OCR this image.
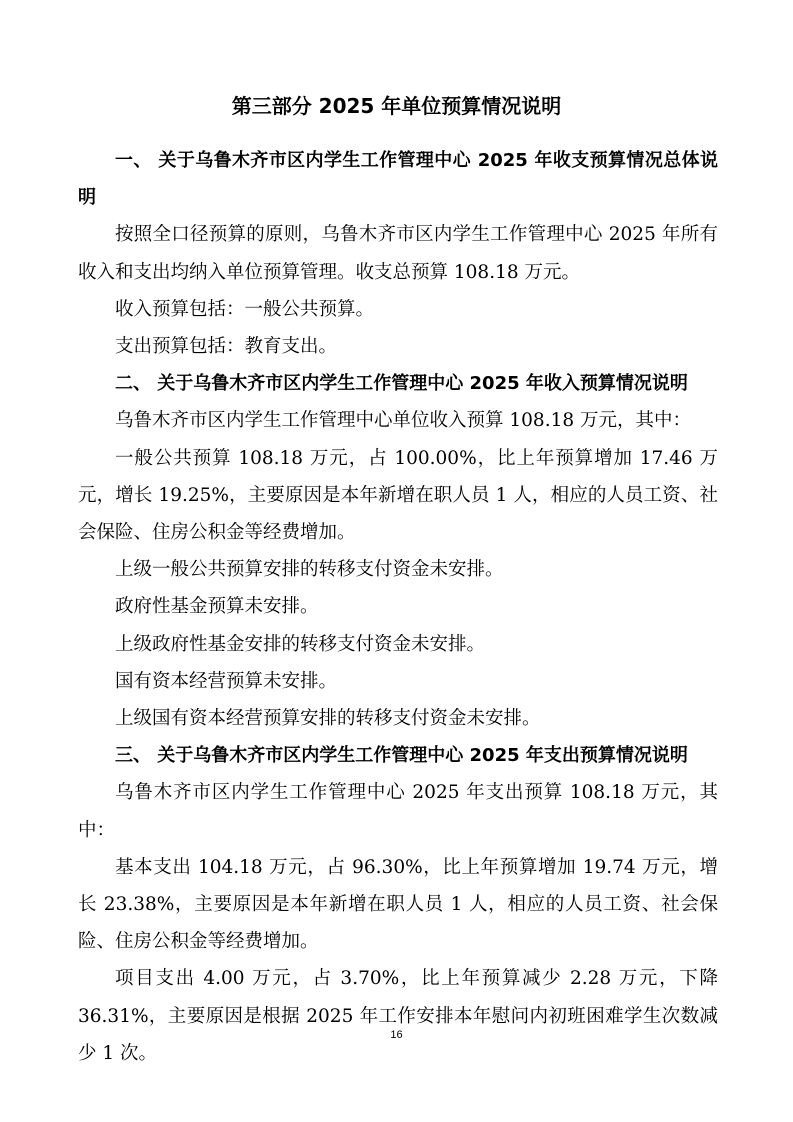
第三部分 2025 年单位预算情况说明

一、 关于乌鲁木齐市区内学生工作管理中心 2025 年收支预算情况总体说明

按照全口径预算的原则，乌鲁木齐市区内学生工作管理中心 2025 年所有收入和支出均纳入单位预算管理。收支总预算 108.18 万元。

收入预算包括：一般公共预算。

支出预算包括：教育支出。

二、 关于乌鲁木齐市区内学生工作管理中心 2025 年收入预算情况说明

乌鲁木齐市区内学生工作管理中心单位收入预算 108.18 万元，其中：

一般公共预算 108.18 万元，占 100.00%，比上年预算增加 17.46 万元，增长 19.25%，主要原因是本年新增在职人员 1 人，相应的人员工资、社会保险、住房公积金等经费增加。

上级一般公共预算安排的转移支付资金未安排。

政府性基金预算未安排。

上级政府性基金安排的转移支付资金未安排。

国有资本经营预算未安排。

上级国有资本经营预算安排的转移支付资金未安排。

三、 关于乌鲁木齐市区内学生工作管理中心 2025 年支出预算情况说明

乌鲁木齐市区内学生工作管理中心 2025 年支出预算 108.18 万元，其中：

基本支出 104.18 万元，占 96.30%，比上年预算增加 19.74 万元，增长 23.38%，主要原因是本年新增在职人员 1 人，相应的人员工资、社会保险、住房公积金等经费增加。

项目支出 4.00 万元，占 3.70%，比上年预算减少 2.28 万元，下降 36.31%，主要原因是根据 2025 年工作安排本年慰问内初班困难学生次数减少 1 次。

16
